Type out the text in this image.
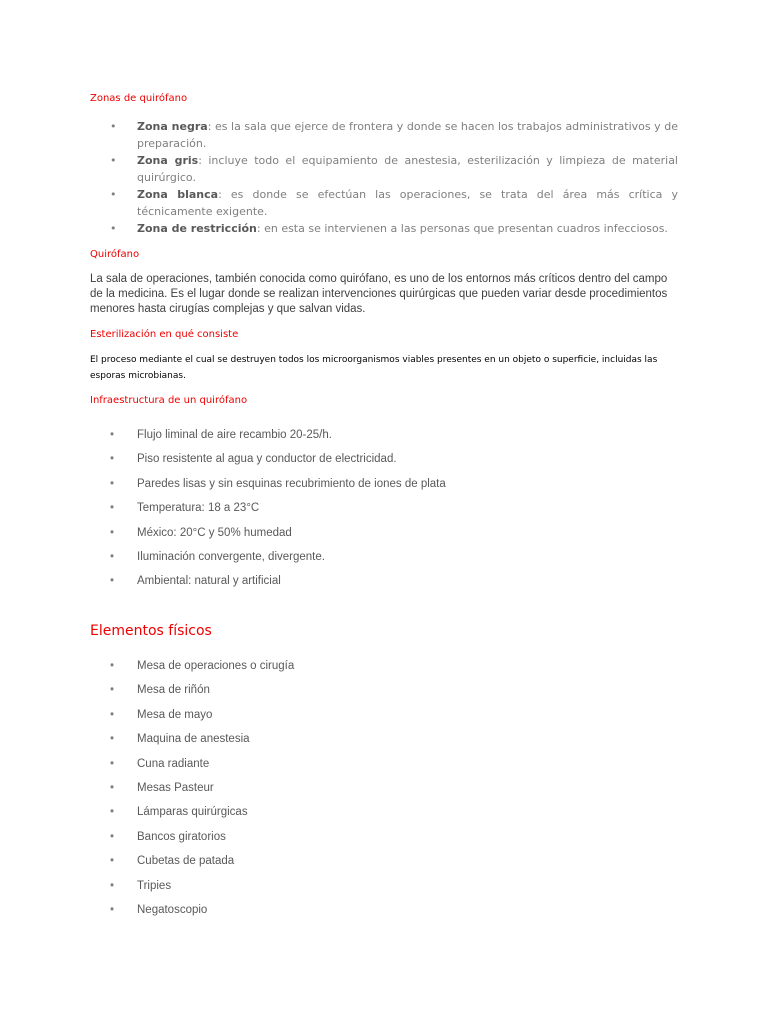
Zonas de quirófano

• Zona negra: es la sala que ejerce de frontera y donde se hacen los trabajos administrativos y de preparación.
• Zona gris: incluye todo el equipamiento de anestesia, esterilización y limpieza de material quirúrgico.
• Zona blanca: es donde se efectúan las operaciones, se trata del área más crítica y técnicamente exigente.
• Zona de restricción: en esta se intervienen a las personas que presentan cuadros infecciosos.

Quirófano

La sala de operaciones, también conocida como quirófano, es uno de los entornos más críticos dentro del campo de la medicina. Es el lugar donde se realizan intervenciones quirúrgicas que pueden variar desde procedimientos menores hasta cirugías complejas y que salvan vidas.

Esterilización en qué consiste

El proceso mediante el cual se destruyen todos los microorganismos viables presentes en un objeto o superficie, incluidas las esporas microbianas.

Infraestructura de un quirófano

• Flujo liminal de aire recambio 20-25/h.
• Piso resistente al agua y conductor de electricidad.
• Paredes lisas y sin esquinas recubrimiento de iones de plata
• Temperatura: 18 a 23°C
• México: 20°C y 50% humedad
• Iluminación convergente, divergente.
• Ambiental: natural y artificial

Elementos físicos

• Mesa de operaciones o cirugía
• Mesa de riñón
• Mesa de mayo
• Maquina de anestesia
• Cuna radiante
• Mesas Pasteur
• Lámparas quirúrgicas
• Bancos giratorios
• Cubetas de patada
• Tripies
• Negatoscopio
